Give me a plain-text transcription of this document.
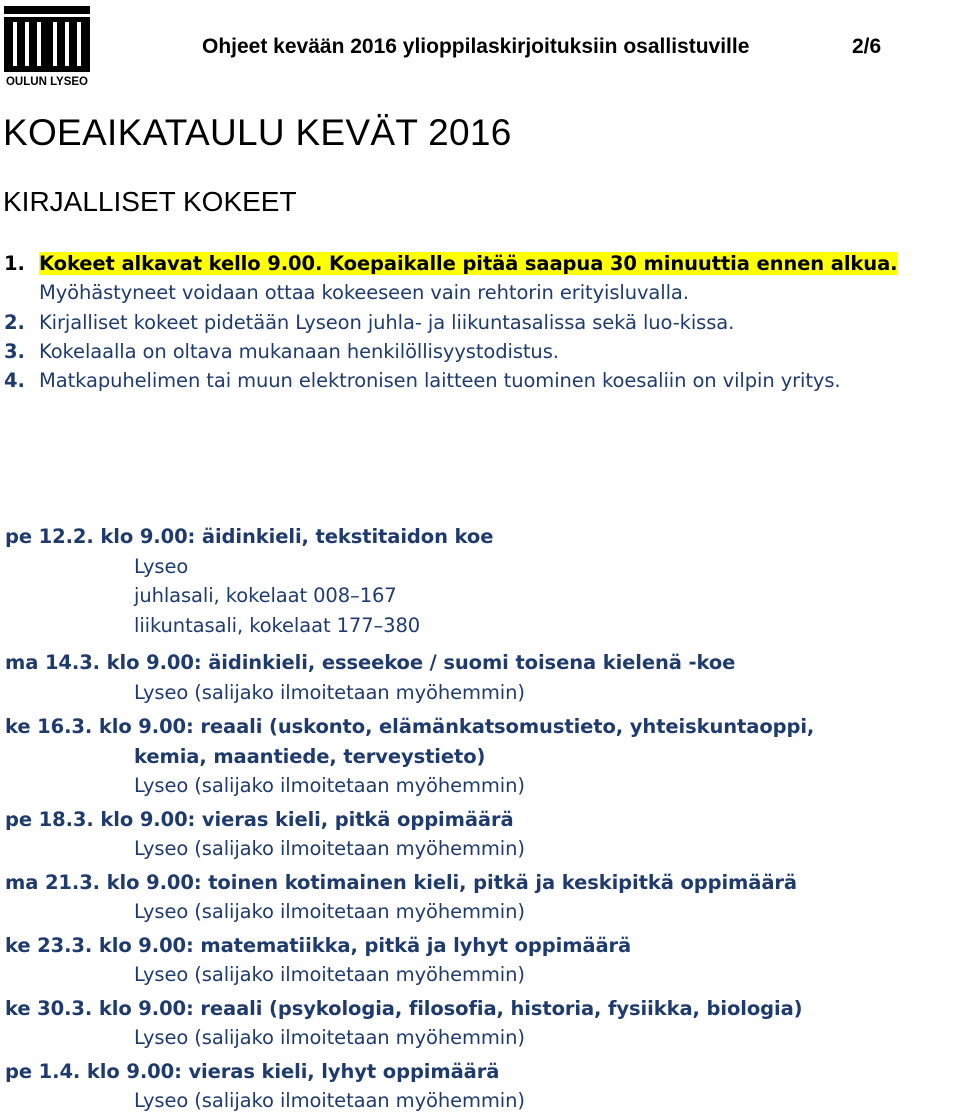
OULUN LYSEO
Ohjeet kevään 2016 ylioppilaskirjoituksiin osallistuville	2/6
KOEAIKATAULU KEVÄT 2016
KIRJALLISET KOKEET
1. Kokeet alkavat kello 9.00. Koepaikalle pitää saapua 30 minuuttia ennen alkua. Myöhästyneet voidaan ottaa kokeeseen vain rehtorin erityisluvalla.
2. Kirjalliset kokeet pidetään Lyseon juhla- ja liikuntasalissa sekä luo-kissa.
3. Kokelaalla on oltava mukanaan henkilöllisyystodistus.
4. Matkapuhelimen tai muun elektronisen laitteen tuominen koesaliin on vilpin yritys.
pe 12.2. klo 9.00: äidinkieli, tekstitaidon koe
Lyseo
juhlasali, kokelaat 008–167
liikuntasali, kokelaat 177–380
ma 14.3. klo 9.00: äidinkieli, esseekoe / suomi toisena kielenä -koe
Lyseo (salijako ilmoitetaan myöhemmin)
ke 16.3. klo 9.00: reaali (uskonto, elämänkatsomustieto, yhteiskuntaoppi,
kemia, maantiede, terveystieto)
Lyseo (salijako ilmoitetaan myöhemmin)
pe 18.3. klo 9.00: vieras kieli, pitkä oppimäärä
Lyseo (salijako ilmoitetaan myöhemmin)
ma 21.3. klo 9.00: toinen kotimainen kieli, pitkä ja keskipitkä oppimäärä
Lyseo (salijako ilmoitetaan myöhemmin)
ke 23.3. klo 9.00: matematiikka, pitkä ja lyhyt oppimäärä
Lyseo (salijako ilmoitetaan myöhemmin)
ke 30.3. klo 9.00: reaali (psykologia, filosofia, historia, fysiikka, biologia)
Lyseo (salijako ilmoitetaan myöhemmin)
pe 1.4. klo 9.00: vieras kieli, lyhyt oppimäärä
Lyseo (salijako ilmoitetaan myöhemmin)
